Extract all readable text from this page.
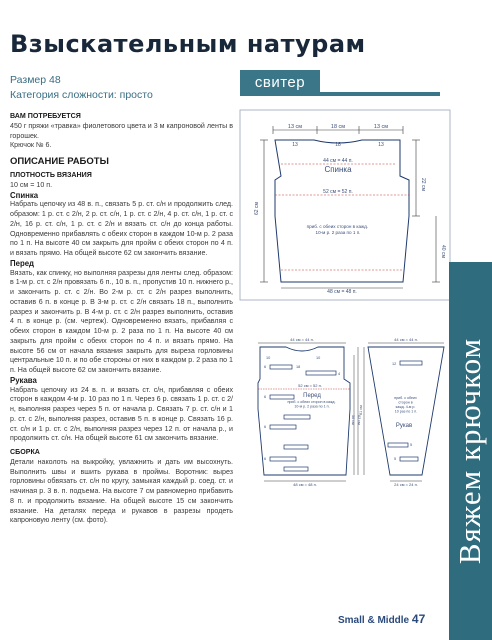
Взыскательным натурам
Размер 48
Категория сложности: просто
свитер
ВАМ ПОТРЕБУЕТСЯ

450 г пряжи «травка» фиолетового цвета и 3 м капроновой ленты в горошек.

Крючок № 6.

ОПИСАНИЕ РАБОТЫ
ПЛОТНОСТЬ ВЯЗАНИЯ

10 см = 10 п.

Спинка

Набрать цепочку из 48 в. п., связать 5 р. ст. с/н и продолжить след. образом: 1 р. ст. с 2/н, 2 р. ст. с/н, 1 р. ст. с 2/н, 4 р. ст. с/н, 1 р. ст. с 2/н, 16 р. ст. с/н, 1 р. ст. с 2/н и вязать ст. с/н до конца работы. Одновременно прибавлять с обеих сторон в каждом 10-м р. 2 раза по 1 п. На высоте 40 см закрыть для пройм с обеих сторон по 4 п. и вязать прямо. На общей высоте 62 см закончить вязание.

Перед

Вязать, как спинку, но выполняя разрезы для ленты след. образом: в 1-м р. ст. с 2/н провязать 6 п., 10 в. п., пропустив 10 п. нижнего р., и закончить р. ст. с 2/н. Во 2-м р. ст. с 2/н разрез выполнить, оставив 6 п. в конце р. В 3-м р. ст. с 2/н связать 18 п., выполнить разрез и закончить р. В 4-м р. ст. с 2/н разрез выполнить, оставив 4 п. в конце р. (см. чертеж). Одновременно вязать, прибавляя с обеих сторон в каждом 10-м р. 2 раза по 1 п. На высоте 40 см закрыть для пройм с обеих сторон по 4 п. и вязать прямо. На высоте 56 см от начала вязания закрыть для выреза горловины центральные 10 п. и по обе стороны от них в каждом р. 2 раза по 1 п. На общей высоте 62 см закончить вязание.

Рукава

Набрать цепочку из 24 в. п. и вязать ст. с/н, прибавляя с обеих сторон в каждом 4-м р. 10 раз по 1 п. Через 6 р. связать 1 р. ст. с 2/н, выполняя разрез через 5 п. от начала р. Связать 7 р. ст. с/н и 1 р. ст. с 2/н, выполняя разрез, оставив 5 п. в конце р. Связать 16 р. ст. с/н и 1 р. ст. с 2/н, выполняя разрез через 12 п. от начала р., и продолжить ст. с/н. На общей высоте 61 см закончить вязание.

СБОРКА

Детали наколоть на выкройку, увлажнить и дать им высохнуть. Выполнить швы и вшить рукава в проймы. Воротник: вырез горловины обвязать ст. с/н по кругу, замыкая каждый р. соед. ст. и начиная р. 3 в. п. подъема. На высоте 7 см равномерно прибавить 8 п. и продолжить вязание. На общей высоте 15 см закончить вязание. На деталях переда и рукавов в разрезы продеть капроновую ленту (см. фото).

13 см	18 см	13 см
13	18	13
44 см = 44 п.
Спинка
52 см = 52 п.
приб. с обеих сторон в кажд. 10-м р. 2 раза по 1 п.
22 см
40 см
62 см
48 см = 48 п.
44 см = 44 п.
10	10
6	18
4
6
6
6
52 см = 52 п.
Перед
приб. с обеих сторон в кажд. 10-м р. 2 раза по 1 п.
56 см 62 см
48 см = 48 п.
44 см = 44 п.
12
5
5
приб. с обеих сторон в кажд. 4-м р. 10 раз по 1 п.
Рукав
61 см
24 см = 24 п. Вяжем крючком
Small & Middle 47
